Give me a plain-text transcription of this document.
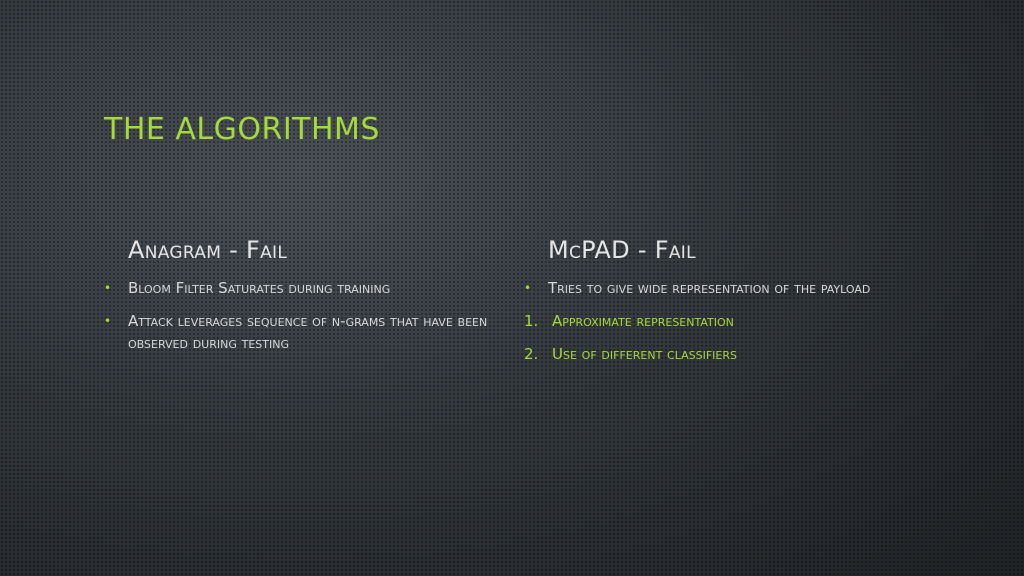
THE ALGORITHMS
Anagram - Fail
•	Bloom Filter Saturates during training
•	Attack leverages sequence of n-grams that have been observed during testing
McPAD - Fail
•	Tries to give wide representation of the payload
1. Approximate representation
2. Use of different classifiers
